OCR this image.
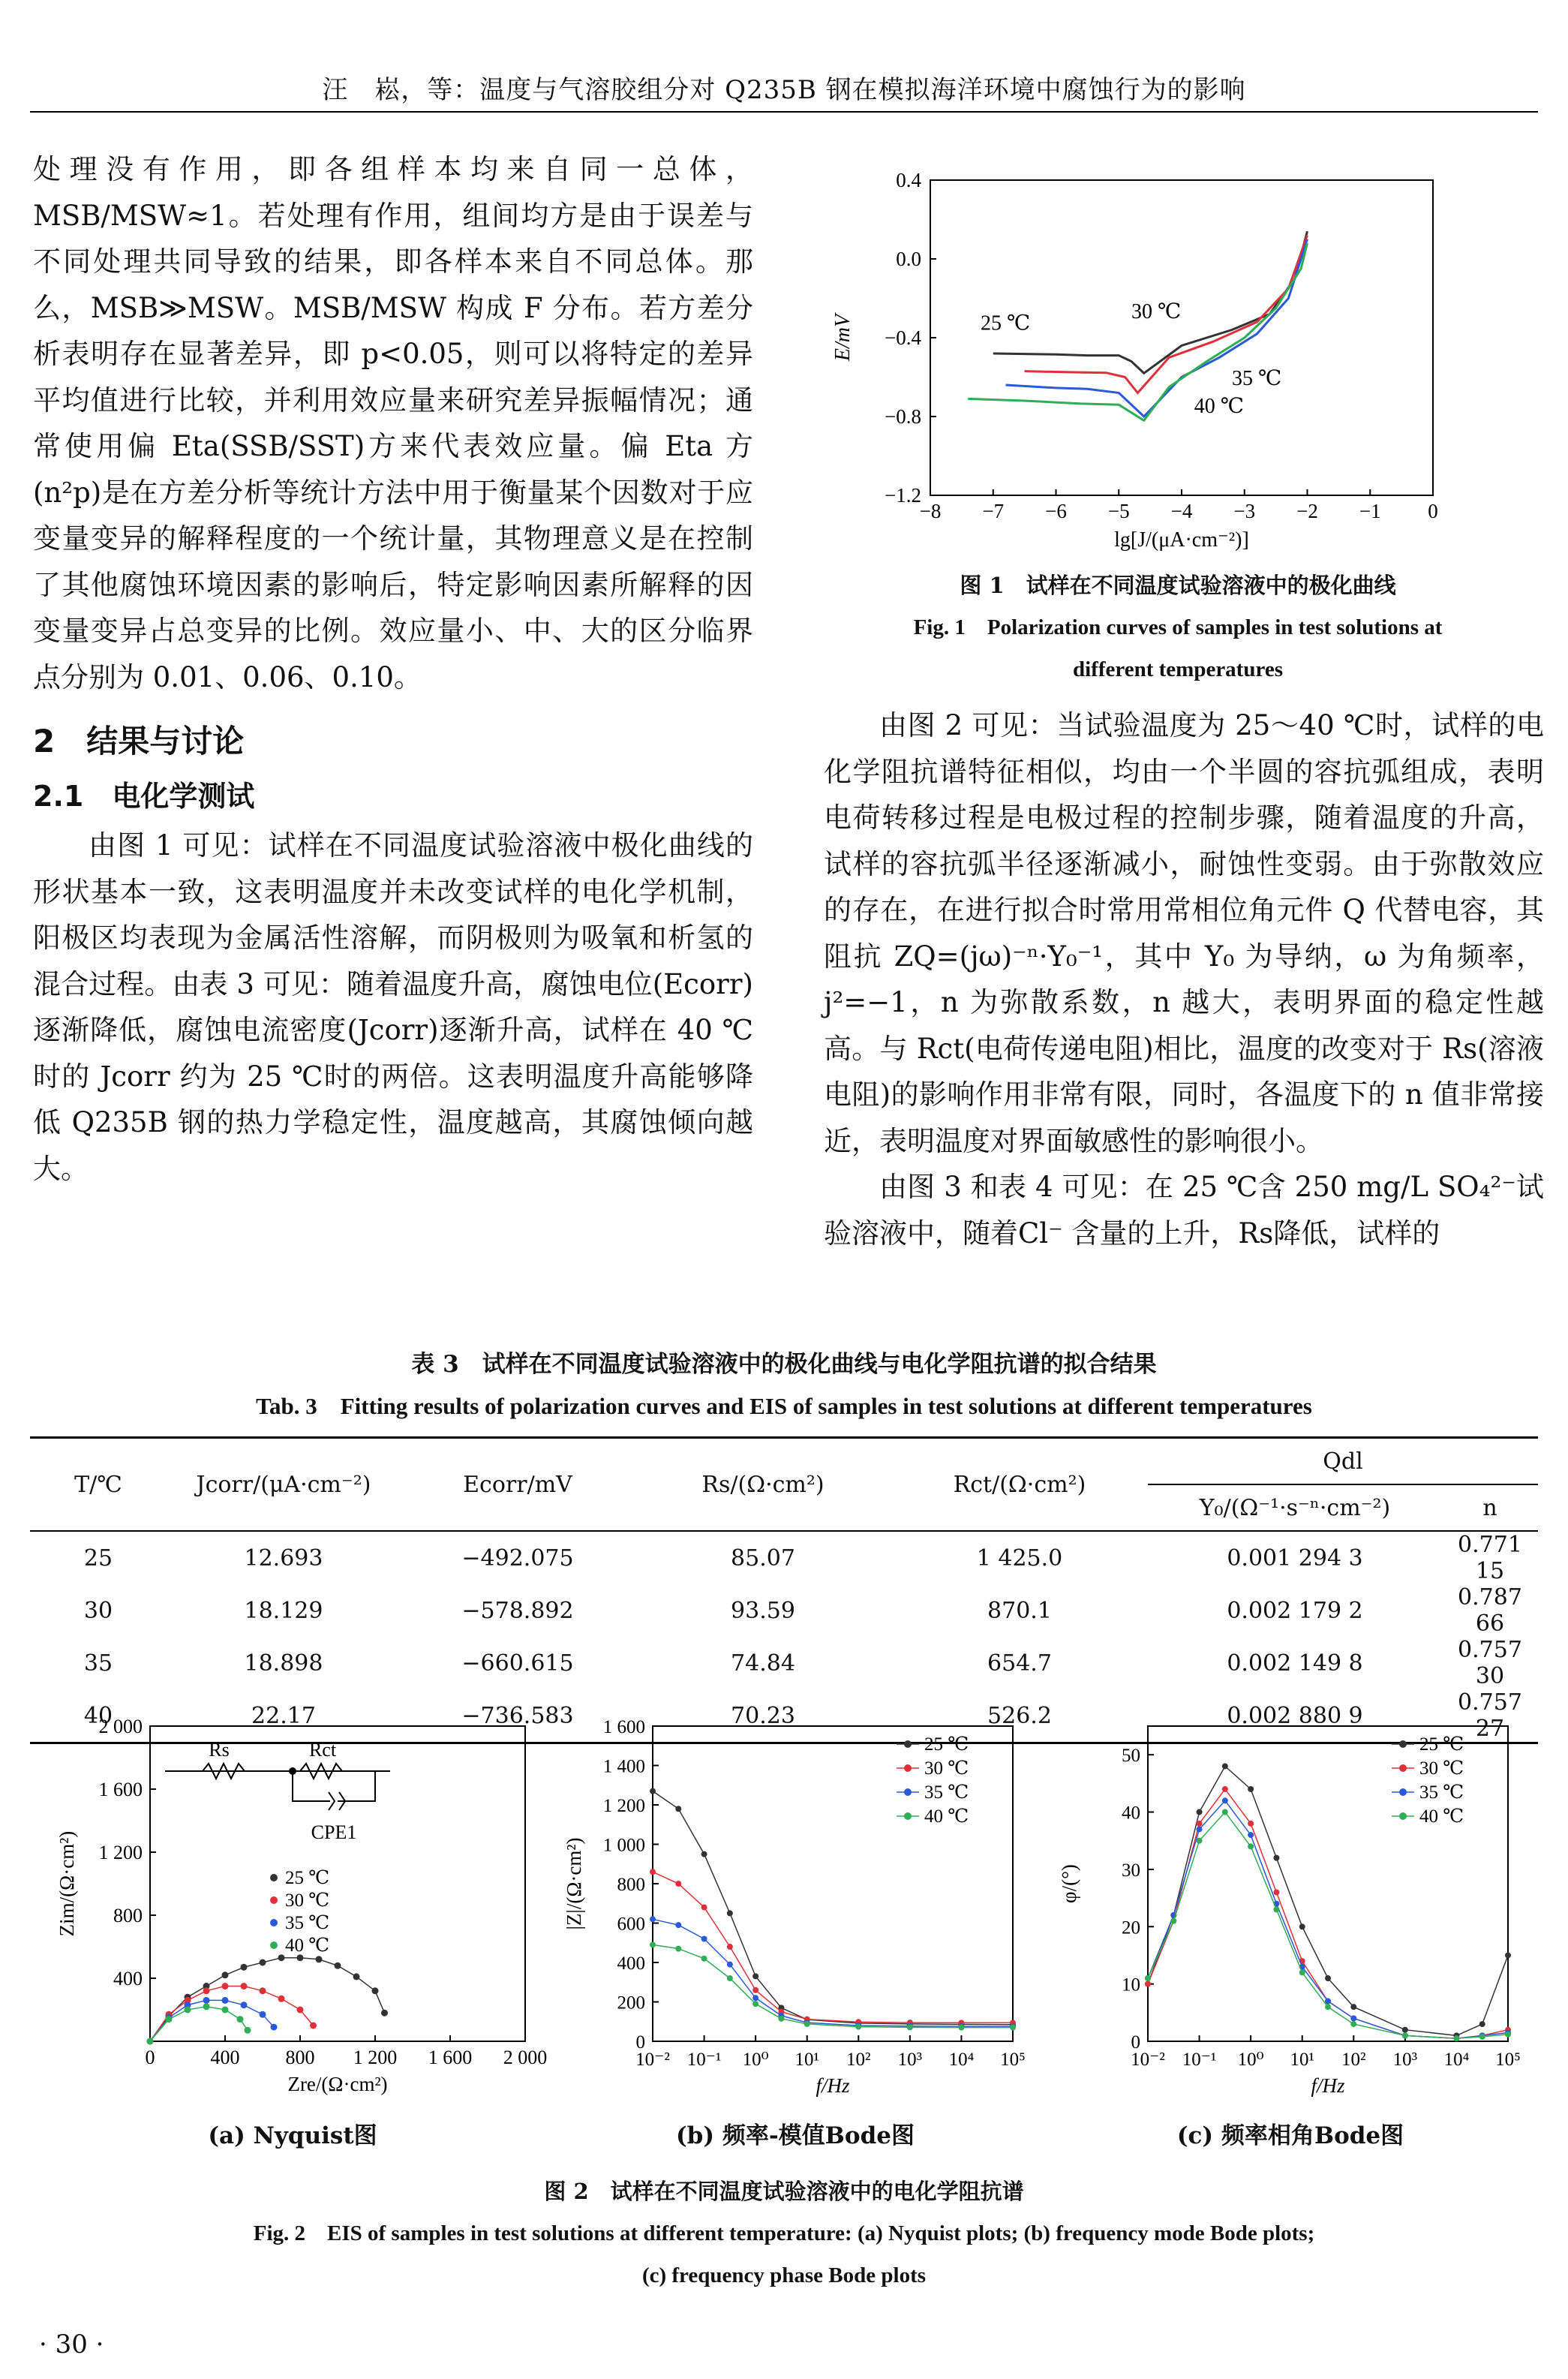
汪　崧，等：温度与气溶胶组分对 Q235B 钢在模拟海洋环境中腐蚀行为的影响

处理没有作用，即各组样本均来自同一总体，MSB/MSW≈1。若处理有作用，组间均方是由于误差与不同处理共同导致的结果，即各样本来自不同总体。那么，MSB≫MSW。MSB/MSW 构成 F 分布。若方差分析表明存在显著差异，即 p<0.05，则可以将特定的差异平均值进行比较，并利用效应量来研究差异振幅情况；通常使用偏 Eta(SSB/SST)方来代表效应量。偏 Eta 方(n²p)是在方差分析等统计方法中用于衡量某个因数对于应变量变异的解释程度的一个统计量，其物理意义是在控制了其他腐蚀环境因素的影响后，特定影响因素所解释的因变量变异占总变异的比例。效应量小、中、大的区分临界点分别为 0.01、0.06、0.10。

2　结果与讨论

2.1　电化学测试

由图 1 可见：试样在不同温度试验溶液中极化曲线的形状基本一致，这表明温度并未改变试样的电化学机制，阳极区均表现为金属活性溶解，而阴极则为吸氧和析氢的混合过程。由表 3 可见：随着温度升高，腐蚀电位(Ecorr)逐渐降低，腐蚀电流密度(Jcorr)逐渐升高，试样在 40 ℃时的 Jcorr 约为 25 ℃时的两倍。这表明温度升高能够降低 Q235B 钢的热力学稳定性，温度越高，其腐蚀倾向越大。

−8 −7 −6 −5 −4 −3 −2 −1 0
0.4
0.0
−0.4
−0.8
−1.2
lg[J/(μA·cm⁻²)]
E/mV	25 ℃
30 ℃
35 ℃
40 ℃
图 1　试样在不同温度试验溶液中的极化曲线
Fig. 1　Polarization curves of samples in test solutions at
different temperatures

由图 2 可见：当试验温度为 25～40 ℃时，试样的电化学阻抗谱特征相似，均由一个半圆的容抗弧组成，表明电荷转移过程是电极过程的控制步骤，随着温度的升高，试样的容抗弧半径逐渐减小，耐蚀性变弱。由于弥散效应的存在，在进行拟合时常用常相位角元件 Q 代替电容，其阻抗 ZQ=(jω)⁻ⁿ·Y₀⁻¹，其中 Y₀ 为导纳，ω 为角频率，j²=−1，n 为弥散系数，n 越大，表明界面的稳定性越高。与 Rct(电荷传递电阻)相比，温度的改变对于 Rs(溶液电阻)的影响作用非常有限，同时，各温度下的 n 值非常接近，表明温度对界面敏感性的影响很小。

由图 3 和表 4 可见：在 25 ℃含 250 mg/L SO₄²⁻试验溶液中，随着Cl⁻ 含量的上升，Rs降低，试样的

表 3　试样在不同温度试验溶液中的极化曲线与电化学阻抗谱的拟合结果
Tab. 3　Fitting results of polarization curves and EIS of samples in test solutions at different temperatures
T/℃	Jcorr/(μA·cm⁻²)	Ecorr/mV	Rs/(Ω·cm²)	Rct/(Ω·cm²)	Qdl	
					Y₀/(Ω⁻¹·s⁻ⁿ·cm⁻²)	n

25	12.693	−492.075	85.07	1 425.0	0.001 294 3	0.771 15
30	18.129	−578.892	93.59	870.1	0.002 179 2	0.787 66
35	18.898	−660.615	74.84	654.7	0.002 149 8	0.757 30
40	22.17	−736.583	70.23	526.2	0.002 880 9	0.757 27
0	400 800 1 200 1 600 2 000
400
800
1 200
1 600
2 000
Zre/(Ω·cm²)
Zim/(Ω·cm²)
Rs	Rct
CPE1
25 ℃
30 ℃
35 ℃
40 ℃
10⁻² 10⁻¹ 10⁰ 10¹ 10² 10³ 10⁴ 10⁵
0
200
400
600
800
1 000
1 200
1 400
1 600
f/Hz
|Z|/(Ω·cm²)
25 ℃
30 ℃
35 ℃
40 ℃
10⁻² 10⁻¹ 10⁰ 10¹ 10² 10³ 10⁴ 10⁵
0
10
20
30
40
50
f/Hz
φ/(°)
25 ℃
30 ℃
35 ℃
40 ℃
(a) Nyquist图	(b) 频率-模值Bode图	(c) 频率相角Bode图
图 2　试样在不同温度试验溶液中的电化学阻抗谱
Fig. 2　EIS of samples in test solutions at different temperature: (a) Nyquist plots; (b) frequency mode Bode plots;
(c) frequency phase Bode plots
· 30 ·
